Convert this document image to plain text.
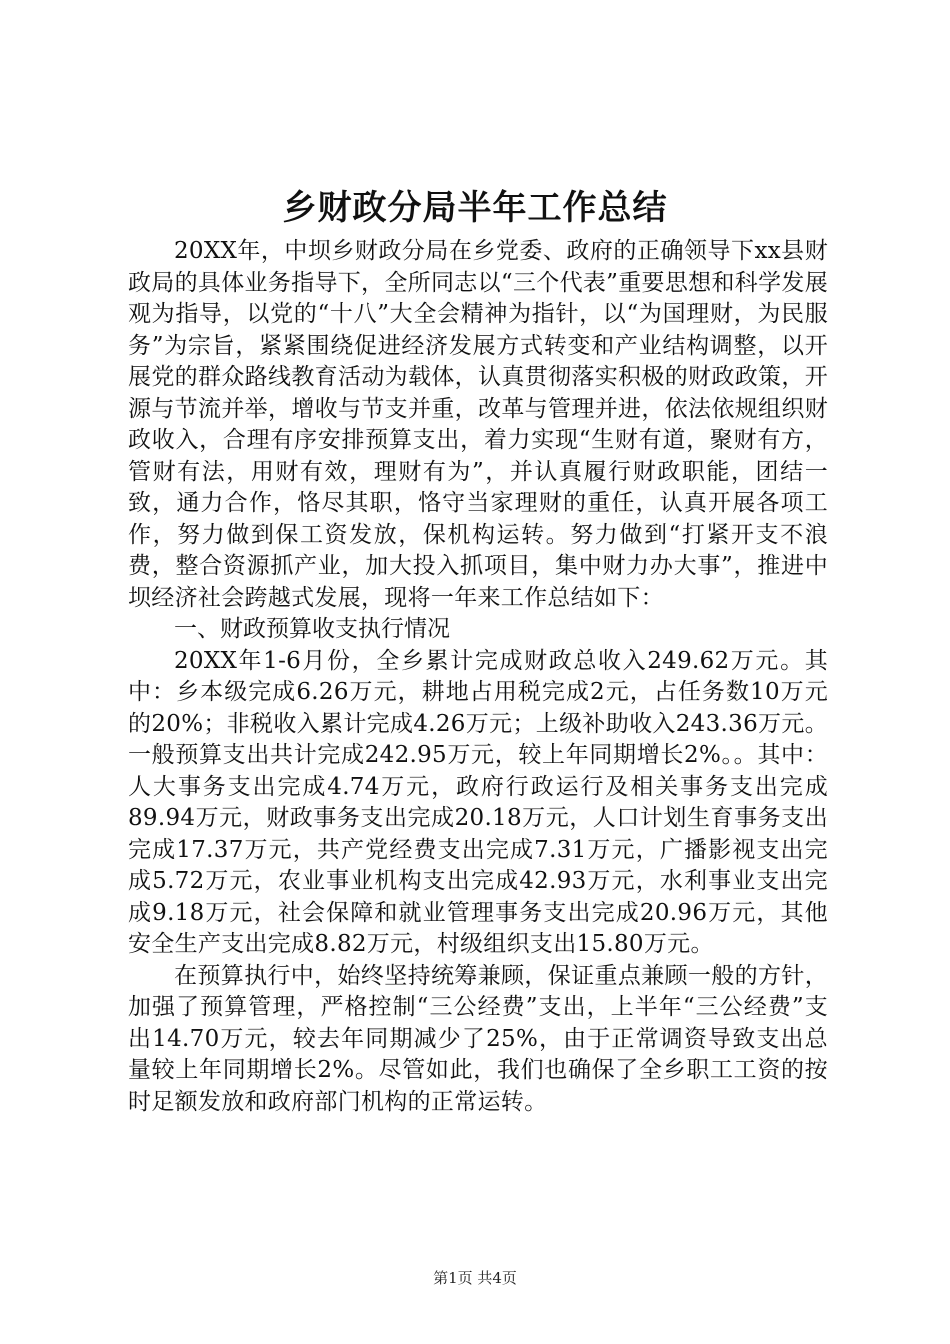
乡财政分局半年工作总结

20XX年，中坝乡财政分局在乡党委、政府的正确领导下xx县财政局的具体业务指导下，全所同志以“三个代表”重要思想和科学发展观为指导，以党的“十八”大全会精神为指针，以“为国理财，为民服务”为宗旨，紧紧围绕促进经济发展方式转变和产业结构调整，以开展党的群众路线教育活动为载体，认真贯彻落实积极的财政政策，开源与节流并举，增收与节支并重，改革与管理并进，依法依规组织财政收入，合理有序安排预算支出，着力实现“生财有道，聚财有方，管财有法，用财有效，理财有为”，并认真履行财政职能，团结一致，通力合作，恪尽其职，恪守当家理财的重任，认真开展各项工作，努力做到保工资发放，保机构运转。努力做到“打紧开支不浪费，整合资源抓产业，加大投入抓项目，集中财力办大事”，推进中坝经济社会跨越式发展，现将一年来工作总结如下：

一、财政预算收支执行情况

20XX年1-6月份，全乡累计完成财政总收入249.62万元。其中：乡本级完成6.26万元，耕地占用税完成2元，占任务数10万元的20%；非税收入累计完成4.26万元；上级补助收入243.36万元。一般预算支出共计完成242.95万元，较上年同期增长2%。。其中：人大事务支出完成4.74万元，政府行政运行及相关事务支出完成89.94万元，财政事务支出完成20.18万元，人口计划生育事务支出完成17.37万元，共产党经费支出完成7.31万元，广播影视支出完成5.72万元，农业事业机构支出完成42.93万元，水利事业支出完成9.18万元，社会保障和就业管理事务支出完成20.96万元，其他安全生产支出完成8.82万元，村级组织支出15.80万元。

在预算执行中，始终坚持统筹兼顾，保证重点兼顾一般的方针，加强了预算管理，严格控制“三公经费”支出，上半年“三公经费”支出14.70万元，较去年同期减少了25%，由于正常调资导致支出总量较上年同期增长2%。尽管如此，我们也确保了全乡职工工资的按时足额发放和政府部门机构的正常运转。

第1页 共4页
